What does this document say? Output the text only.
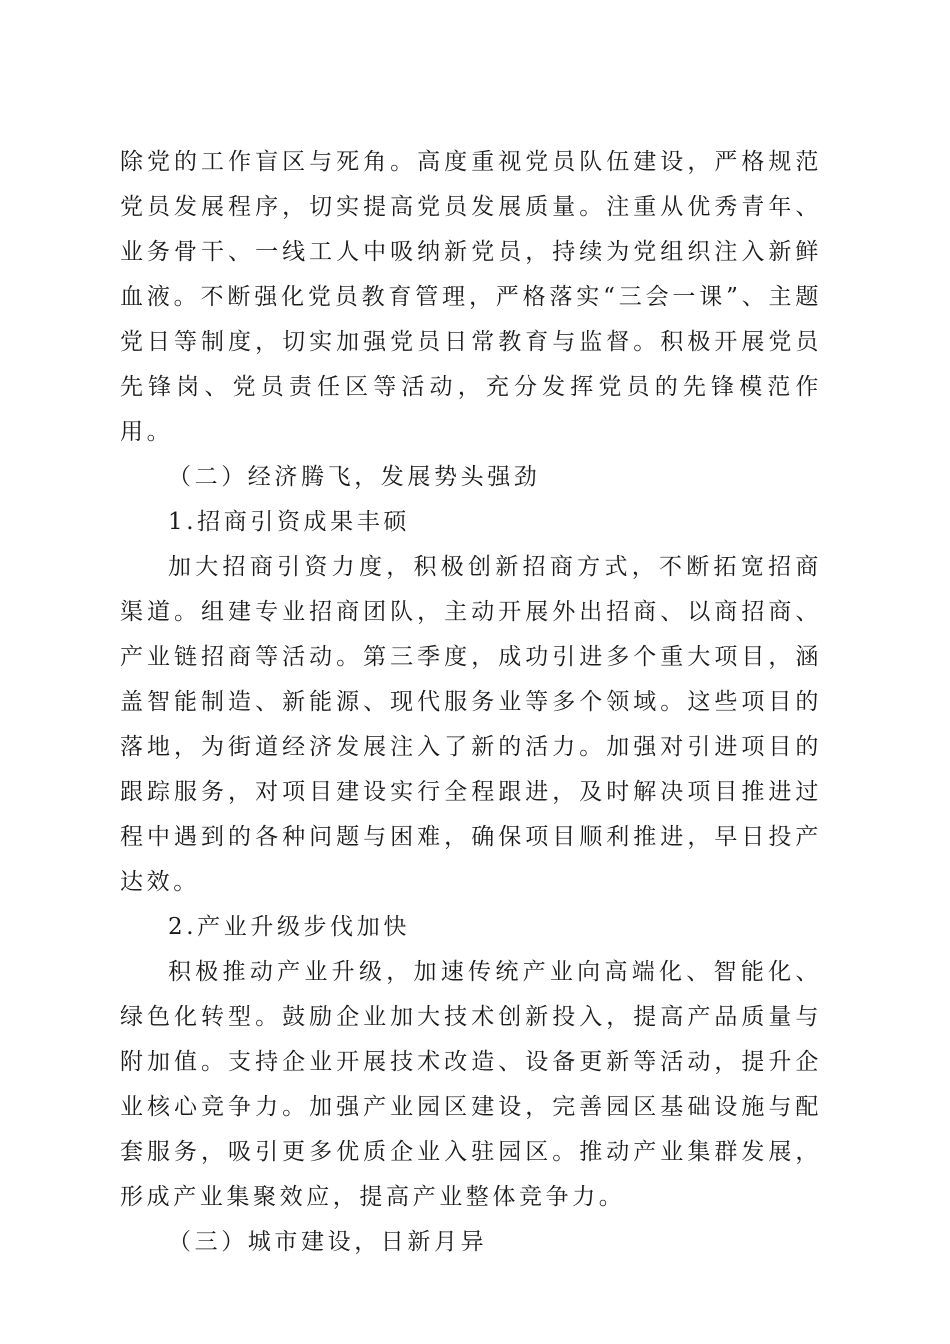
除党的工作盲区与死角。高度重视党员队伍建设，严格规范党员发展程序，切实提高党员发展质量。注重从优秀青年、业务骨干、一线工人中吸纳新党员，持续为党组织注入新鲜血液。不断强化党员教育管理，严格落实“三会一课”、主题党日等制度，切实加强党员日常教育与监督。积极开展党员先锋岗、党员责任区等活动，充分发挥党员的先锋模范作用。

（二）经济腾飞，发展势头强劲

1.招商引资成果丰硕

加大招商引资力度，积极创新招商方式，不断拓宽招商渠道。组建专业招商团队，主动开展外出招商、以商招商、产业链招商等活动。第三季度，成功引进多个重大项目，涵盖智能制造、新能源、现代服务业等多个领域。这些项目的落地，为街道经济发展注入了新的活力。加强对引进项目的跟踪服务，对项目建设实行全程跟进，及时解决项目推进过程中遇到的各种问题与困难，确保项目顺利推进，早日投产达效。

2.产业升级步伐加快

积极推动产业升级，加速传统产业向高端化、智能化、绿色化转型。鼓励企业加大技术创新投入，提高产品质量与附加值。支持企业开展技术改造、设备更新等活动，提升企业核心竞争力。加强产业园区建设，完善园区基础设施与配套服务，吸引更多优质企业入驻园区。推动产业集群发展，形成产业集聚效应，提高产业整体竞争力。

（三）城市建设，日新月异
